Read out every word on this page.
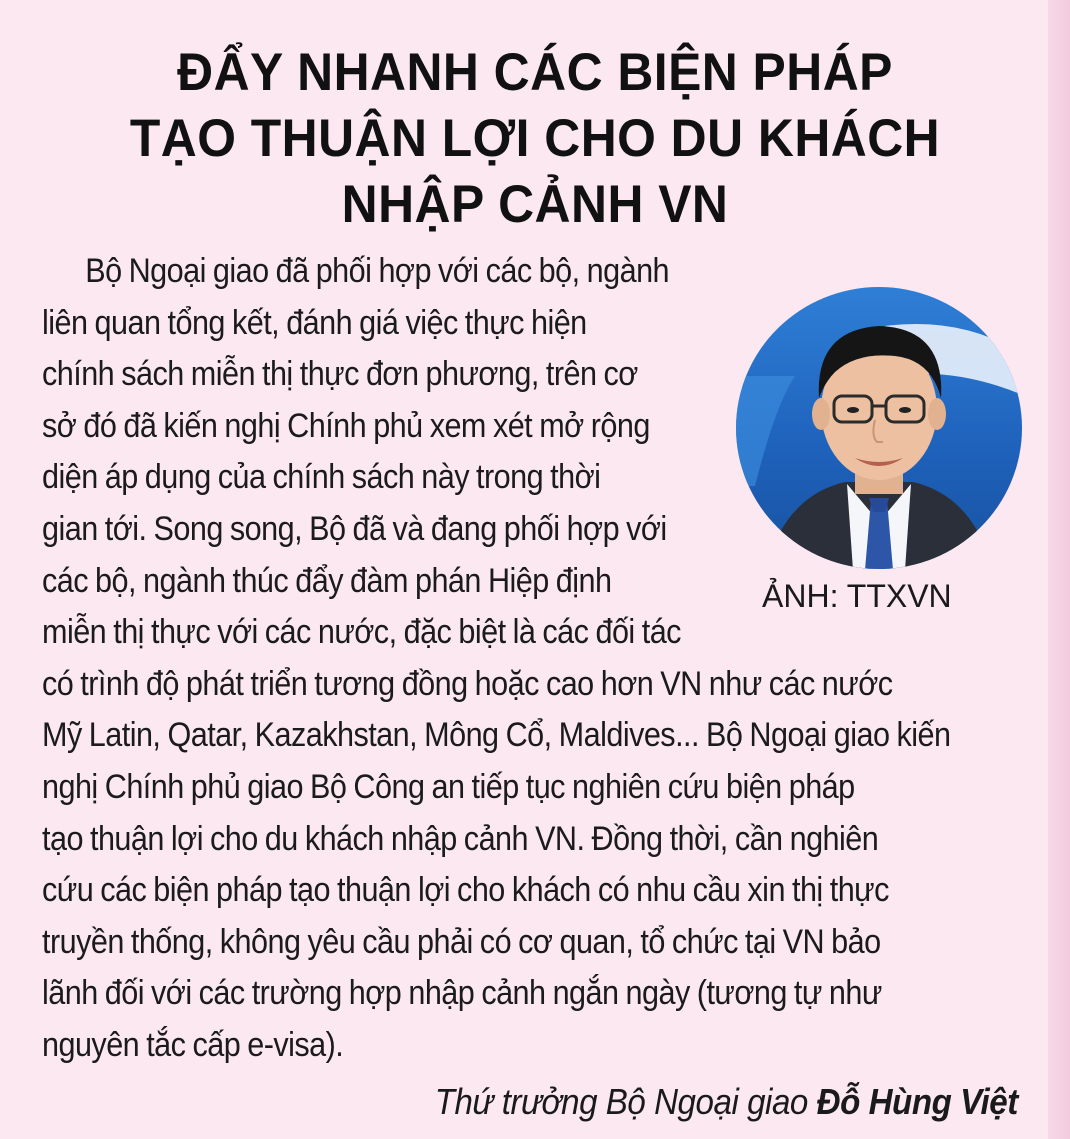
ĐẨY NHANH CÁC BIỆN PHÁP
TẠO THUẬN LỢI CHO DU KHÁCH
NHẬP CẢNH VN
ẢNH: TTXVN
Bộ Ngoại giao đã phối hợp với các bộ, ngành
liên quan tổng kết, đánh giá việc thực hiện
chính sách miễn thị thực đơn phương, trên cơ
sở đó đã kiến nghị Chính phủ xem xét mở rộng
diện áp dụng của chính sách này trong thời
gian tới. Song song, Bộ đã và đang phối hợp với
các bộ, ngành thúc đẩy đàm phán Hiệp định
miễn thị thực với các nước, đặc biệt là các đối tác
có trình độ phát triển tương đồng hoặc cao hơn VN như các nước
Mỹ Latin, Qatar, Kazakhstan, Mông Cổ, Maldives... Bộ Ngoại giao kiến
nghị Chính phủ giao Bộ Công an tiếp tục nghiên cứu biện pháp
tạo thuận lợi cho du khách nhập cảnh VN. Đồng thời, cần nghiên
cứu các biện pháp tạo thuận lợi cho khách có nhu cầu xin thị thực
truyền thống, không yêu cầu phải có cơ quan, tổ chức tại VN bảo
lãnh đối với các trường hợp nhập cảnh ngắn ngày (tương tự như
nguyên tắc cấp e-visa).
Thứ trưởng Bộ Ngoại giao Đỗ Hùng Việt
